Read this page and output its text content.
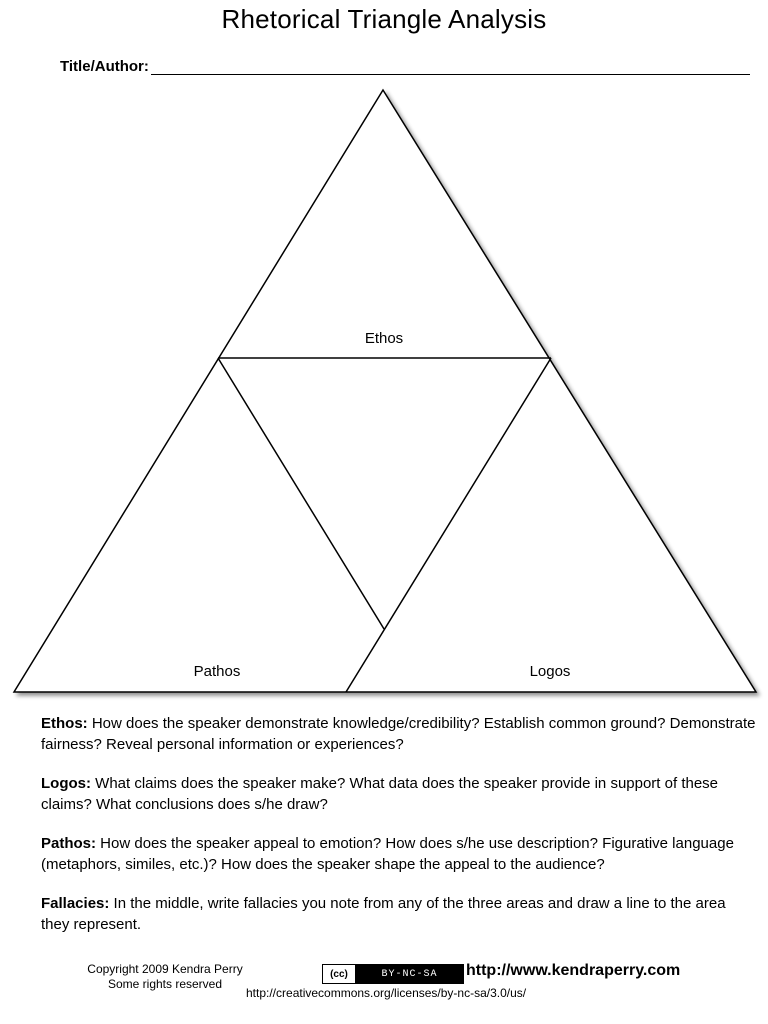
Rhetorical Triangle Analysis
Title/Author:
Ethos
Pathos	Logos
Ethos: How does the speaker demonstrate knowledge/credibility? Establish common ground? Demonstrate fairness? Reveal personal information or experiences?
Logos: What claims does the speaker make? What data does the speaker provide in support of these claims? What conclusions does s/he draw?
Pathos: How does the speaker appeal to emotion? How does s/he use description? Figurative language (metaphors, similes, etc.)? How does the speaker shape the appeal to the audience?
Fallacies: In the middle, write fallacies you note from any of the three areas and draw a line to the area they represent.
Copyright 2009 Kendra Perry
Some rights reserved
(cc)	BY-NC-SA	http://www.kendraperry.com
http://creativecommons.org/licenses/by-nc-sa/3.0/us/
